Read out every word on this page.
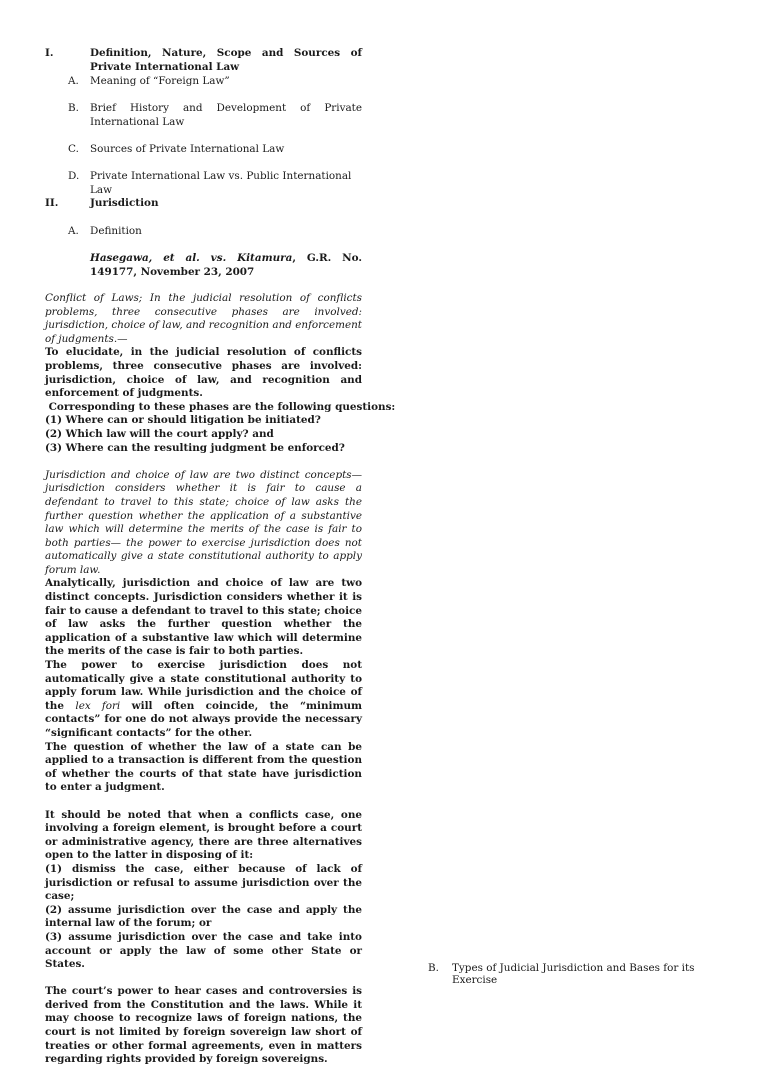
I.	Definition, Nature, Scope and Sources of Private International Law
A. Meaning of “Foreign Law”
B. Brief History and Development of Private International Law
C. Sources of Private International Law
D. Private International Law vs. Public International Law
II.	Jurisdiction
A. Definition
Hasegawa, et al. vs. Kitamura, G.R. No. 149177, November 23, 2007

Conflict of Laws; In the judicial resolution of conflicts problems, three consecutive phases are involved: jurisdiction, choice of law, and recognition and enforcement of judgments.—

To elucidate, in the judicial resolution of conflicts problems, three consecutive phases are involved: jurisdiction, choice of law, and recognition and enforcement of judgments.

Corresponding to these phases are the following questions:

(1) Where can or should litigation be initiated?

(2) Which law will the court apply? and

(3) Where can the resulting judgment be enforced?

Jurisdiction and choice of law are two distinct concepts—jurisdiction considers whether it is fair to cause a defendant to travel to this state; choice of law asks the further question whether the application of a substantive law which will determine the merits of the case is fair to both parties— the power to exercise jurisdiction does not automatically give a state constitutional authority to apply forum law.

Analytically, jurisdiction and choice of law are two distinct concepts. Jurisdiction considers whether it is fair to cause a defendant to travel to this state; choice of law asks the further question whether the application of a substantive law which will determine the merits of the case is fair to both parties.

The power to exercise jurisdiction does not automatically give a state constitutional authority to apply forum law. While jurisdiction and the choice of the lex fori will often coincide, the “minimum contacts” for one do not always provide the necessary “significant contacts” for the other.

The question of whether the law of a state can be applied to a transaction is different from the question of whether the courts of that state have jurisdiction to enter a judgment.

It should be noted that when a conflicts case, one involving a foreign element, is brought before a court or administrative agency, there are three alternatives open to the latter in disposing of it:

(1) dismiss the case, either because of lack of jurisdiction or refusal to assume jurisdiction over the case;

(2) assume jurisdiction over the case and apply the internal law of the forum; or

(3) assume jurisdiction over the case and take into account or apply the law of some other State or States.

The court’s power to hear cases and controversies is derived from the Constitution and the laws. While it may choose to recognize laws of foreign nations, the court is not limited by foreign sovereign law short of treaties or other formal agreements, even in matters regarding rights provided by foreign sovereigns.

B. Types of Judicial Jurisdiction and Bases for its Exercise
